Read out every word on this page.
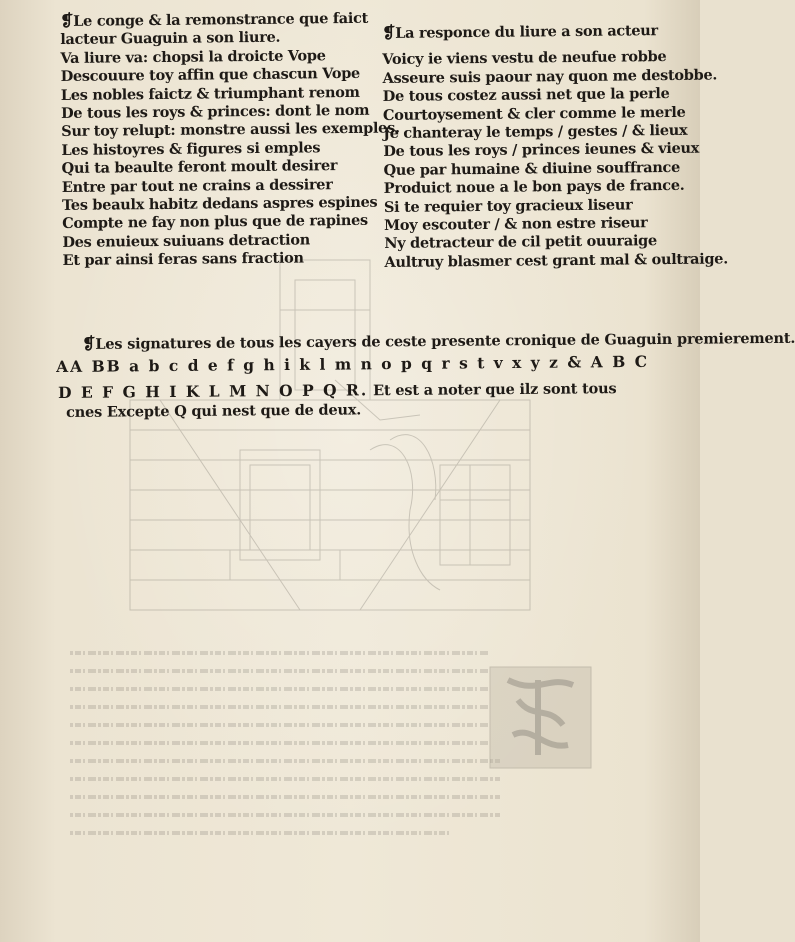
❡Le conge & la remonstrance que faict
lacteur Guaguin a son liure.
Va liure va: chopsi la droicte Vope
Descouure toy affin que chascun Vope
Les nobles faictz & triumphant renom
De tous les roys & princes: dont le nom
Sur toy relupt: monstre aussi les exemples.
Les histoyres & figures si emples
Qui ta beaulte feront moult desirer
Entre par tout ne crains a dessirer
Tes beaulx habitz dedans aspres espines
Compte ne fay non plus que de rapines
Des enuieux suiuans detraction
Et par ainsi feras sans fraction
❡La responce du liure a son acteur
Voicy ie viens vestu de neufue robbe
Asseure suis paour nay quon me destobbe.
De tous costez aussi net que la perle
Courtoysement & cler comme le merle
Je chanteray le temps / gestes / & lieux
De tous les roys / princes ieunes & vieux
Que par humaine & diuine souffrance
Produict noue a le bon pays de france.
Si te requier toy gracieux liseur
Moy escouter / & non estre riseur
Ny detracteur de cil petit ouuraige
Aultruy blasmer cest grant mal & oultraige.
❡Les signatures de tous les cayers de ceste presente cronique de Guaguin premierement.
AA BB a b c d e f g h i k l m n o p q r s t v x y z & A B C
D E F G H I K L M N O P Q R. Et est a noter que ilz sont tous
cnes Excepte Q qui nest que de deux.
